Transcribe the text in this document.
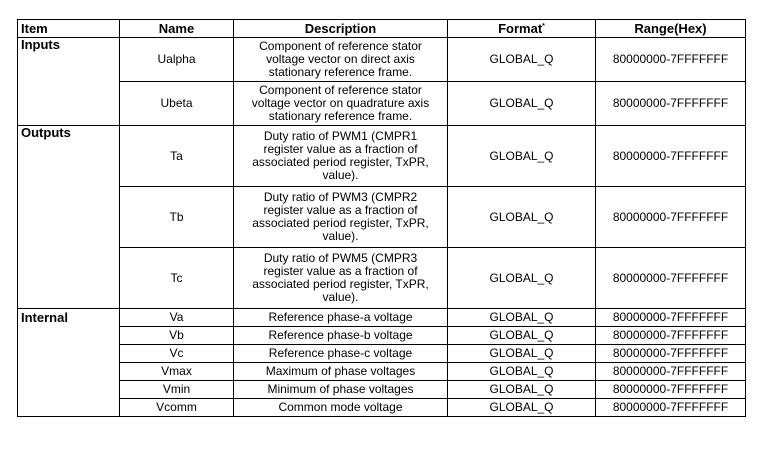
Item	Name	Description	Format*	Range(Hex)
Inputs	Ualpha	Component of reference stator
voltage vector on direct axis
stationary reference frame.	GLOBAL_Q	80000000-7FFFFFFF
	Ubeta	Component of reference stator
voltage vector on quadrature axis
stationary reference frame.	GLOBAL_Q	80000000-7FFFFFFF
Outputs	Ta	Duty ratio of PWM1 (CMPR1
register value as a fraction of
associated period register, TxPR,
value).	GLOBAL_Q	80000000-7FFFFFFF
	Tb	Duty ratio of PWM3 (CMPR2
register value as a fraction of
associated period register, TxPR,
value).	GLOBAL_Q	80000000-7FFFFFFF
	Tc	Duty ratio of PWM5 (CMPR3
register value as a fraction of
associated period register, TxPR,
value).	GLOBAL_Q	80000000-7FFFFFFF
Internal	Va	Reference phase-a voltage	GLOBAL_Q	80000000-7FFFFFFF
	Vb	Reference phase-b voltage	GLOBAL_Q	80000000-7FFFFFFF
	Vc	Reference phase-c voltage	GLOBAL_Q	80000000-7FFFFFFF
	Vmax	Maximum of phase voltages	GLOBAL_Q	80000000-7FFFFFFF
	Vmin	Minimum of phase voltages	GLOBAL_Q	80000000-7FFFFFFF
	Vcomm	Common mode voltage	GLOBAL_Q	80000000-7FFFFFFF
